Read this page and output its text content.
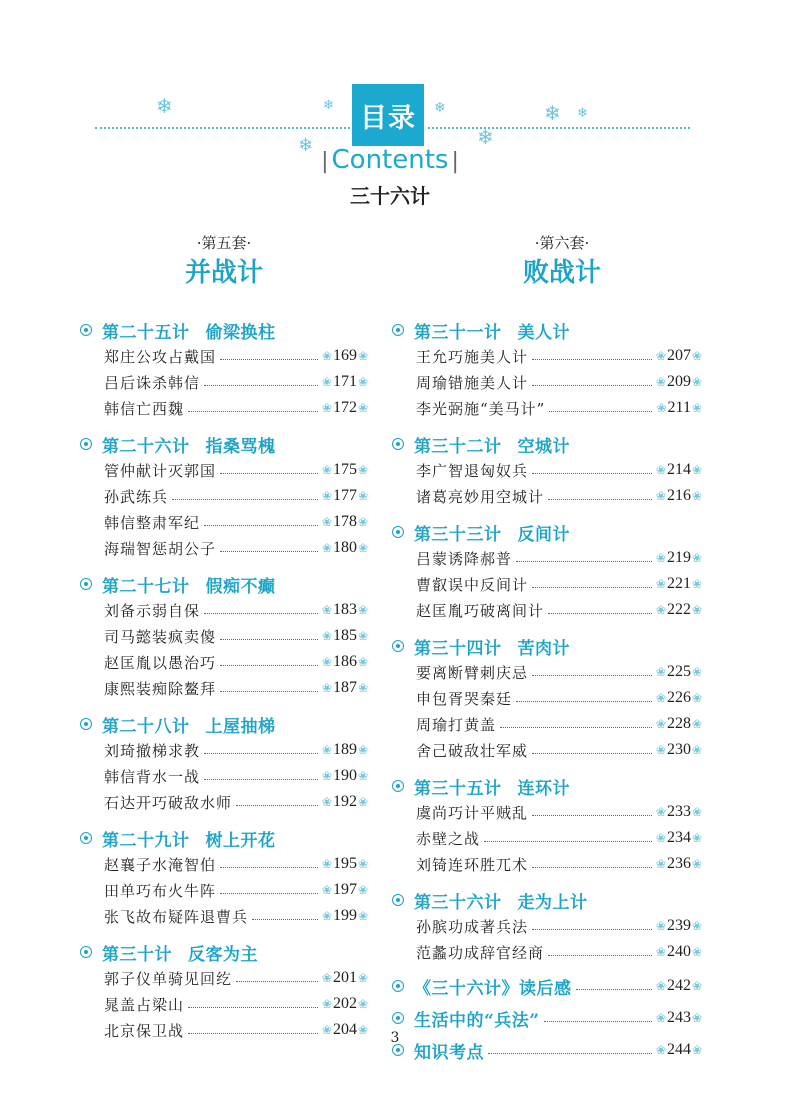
❄	❄
❄
❄
❄
❄ ❄
目录
| Contents |
三十六计
·第五套·
并战计
第二十五计 偷梁换柱
郑庄公攻占戴国	❀ 169 ❀
吕后诛杀韩信	❀ 171 ❀
韩信亡西魏	❀ 172 ❀
第二十六计 指桑骂槐
管仲献计灭郭国	❀ 175 ❀
孙武练兵	❀ 177 ❀
韩信整肃军纪	❀ 178 ❀
海瑞智惩胡公子	❀ 180 ❀
第二十七计 假痴不癫
刘备示弱自保	❀ 183 ❀
司马懿装疯卖傻	❀ 185 ❀
赵匡胤以愚治巧	❀ 186 ❀
康熙装痴除鳌拜	❀ 187 ❀
第二十八计 上屋抽梯
刘琦撤梯求教	❀ 189 ❀
韩信背水一战	❀ 190 ❀
石达开巧破敌水师	❀ 192 ❀
第二十九计 树上开花
赵襄子水淹智伯	❀ 195 ❀
田单巧布火牛阵	❀ 197 ❀
张飞故布疑阵退曹兵	❀ 199 ❀
第三十计 反客为主
郭子仪单骑见回纥	❀ 201 ❀
晁盖占梁山	❀ 202 ❀
北京保卫战	❀ 204 ❀
·第六套·
败战计
第三十一计 美人计
王允巧施美人计	❀ 207 ❀
周瑜错施美人计	❀ 209 ❀
李光弼施“美马计”	❀ 211 ❀
第三十二计 空城计
李广智退匈奴兵	❀ 214 ❀
诸葛亮妙用空城计	❀ 216 ❀
第三十三计 反间计
吕蒙诱降郝普	❀ 219 ❀
曹叡误中反间计	❀ 221 ❀
赵匡胤巧破离间计	❀ 222 ❀
第三十四计 苦肉计
要离断臂刺庆忌	❀ 225 ❀
申包胥哭秦廷	❀ 226 ❀
周瑜打黄盖	❀ 228 ❀
舍己破敌壮军威	❀ 230 ❀
第三十五计 连环计
虞尚巧计平贼乱	❀ 233 ❀
赤壁之战	❀ 234 ❀
刘锜连环胜兀术	❀ 236 ❀
第三十六计 走为上计
孙膑功成著兵法	❀ 239 ❀
范蠡功成辞官经商	❀ 240 ❀
《三十六计》读后感	❀ 242 ❀
生活中的“兵法”	❀ 243 ❀
知识考点	❀ 244 ❀
3
